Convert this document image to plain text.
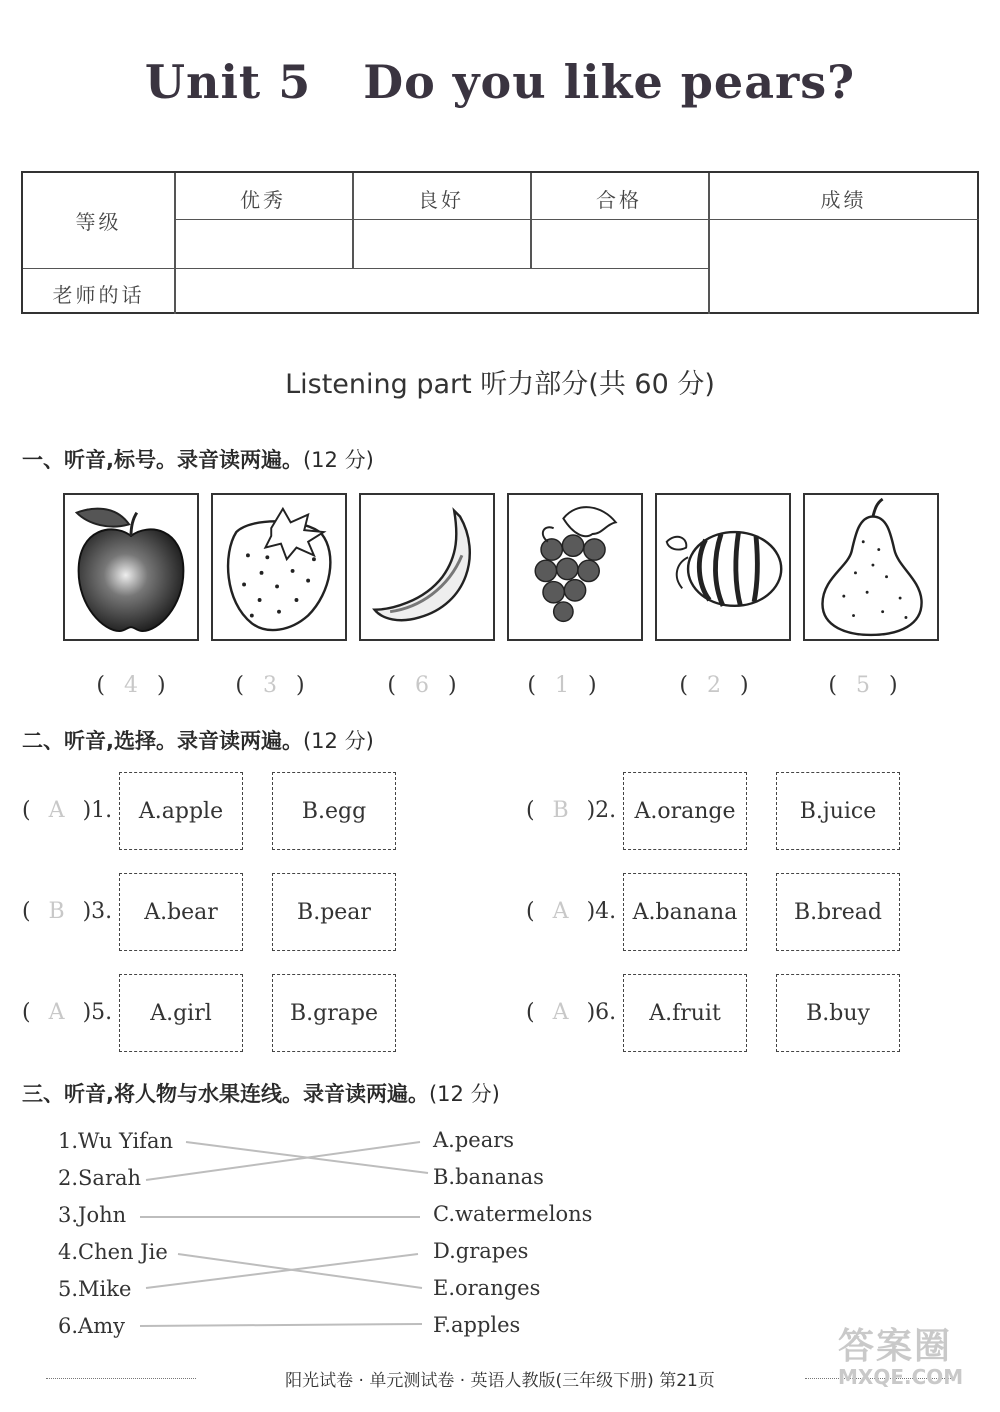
Unit 5 Do you like pears?
等级
老师的话
优秀	良好	合格	成绩
Listening part 听力部分(共 60 分)
一、听音,标号。录音读两遍。(12 分)
( 4 )	( 3 )	( 6 )	( 1 )	( 2 )	( 5 )
二、听音,选择。录音读两遍。(12 分)
( A )1.	A.apple	B.egg	( B )2. A.orange	B.juice
( B )3.	A.bear	B.pear	( A )4. A.banana	B.bread
( A )5.	A.girl	B.grape	( A )6.	A.fruit	B.buy
三、听音,将人物与水果连线。录音读两遍。(12 分)
1.Wu Yifan
2.Sarah
3.John
4.Chen Jie
5.Mike
6.Amy
A.pears
B.bananas
C.watermelons
D.grapes
E.oranges
F.apples
阳光试卷 · 单元测试卷 · 英语人教版(三年级下册) 第21页
答案圈
MXQE.COM
